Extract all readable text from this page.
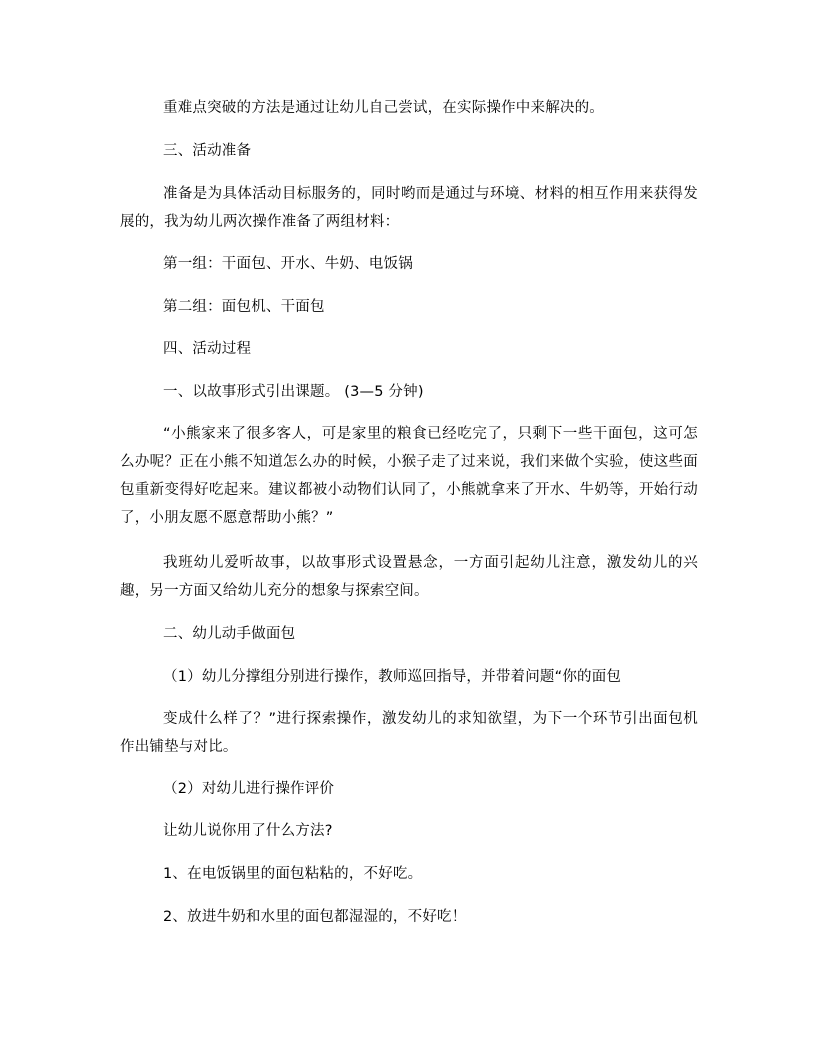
重难点突破的方法是通过让幼儿自己尝试，在实际操作中来解决的。
三、活动准备
准备是为具体活动目标服务的，同时哟而是通过与环境、材料的相互作用来获得发展的，我为幼儿两次操作准备了两组材料：
第一组：干面包、开水、牛奶、电饭锅
第二组：面包机、干面包
四、活动过程
一、以故事形式引出课题。 (3—5 分钟)
“小熊家来了很多客人，可是家里的粮食已经吃完了，只剩下一些干面包，这可怎么办呢？正在小熊不知道怎么办的时候，小猴子走了过来说，我们来做个实验，使这些面包重新变得好吃起来。建议都被小动物们认同了，小熊就拿来了开水、牛奶等，开始行动了，小朋友愿不愿意帮助小熊？”
我班幼儿爱听故事，以故事形式设置悬念，一方面引起幼儿注意，激发幼儿的兴趣，另一方面又给幼儿充分的想象与探索空间。
二、幼儿动手做面包
（1）幼儿分撑组分别进行操作，教师巡回指导，并带着问题“你的面包
变成什么样了？”进行探索操作，激发幼儿的求知欲望，为下一个环节引出面包机作出铺垫与对比。
（2）对幼儿进行操作评价
让幼儿说你用了什么方法?
1、在电饭锅里的面包粘粘的，不好吃。
2、放进牛奶和水里的面包都湿湿的，不好吃！
